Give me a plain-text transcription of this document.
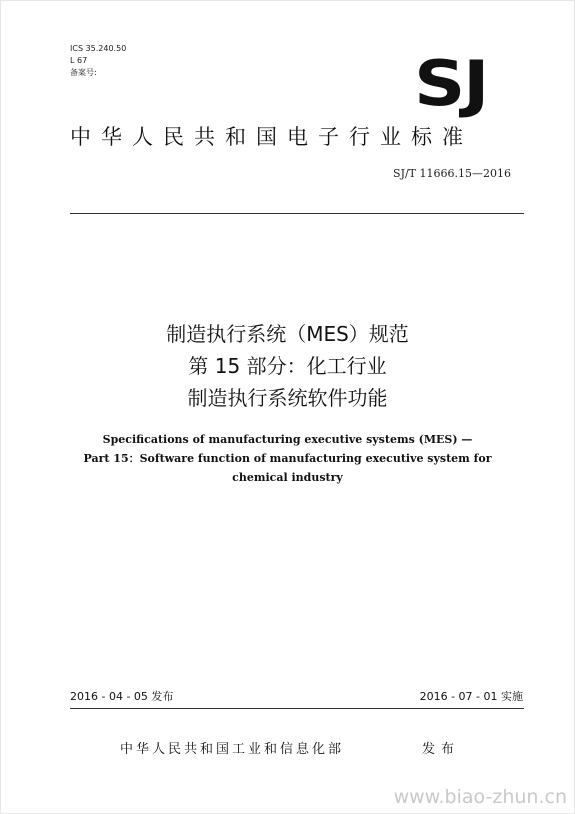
ICS 35.240.50
L 67
备案号:	SJ
中华人民共和国电子行业标准
SJ/T 11666.15—2016
制造执行系统（MES）规范
第 15 部分：化工行业
制造执行系统软件功能
Specifications of manufacturing executive systems (MES) —
Part 15：Software function of manufacturing executive system for
chemical industry
2016 - 04 - 05 发布	2016 - 07 - 01 实施
中华人民共和国工业和信息化部	发布
www.biao-zhun.cn
